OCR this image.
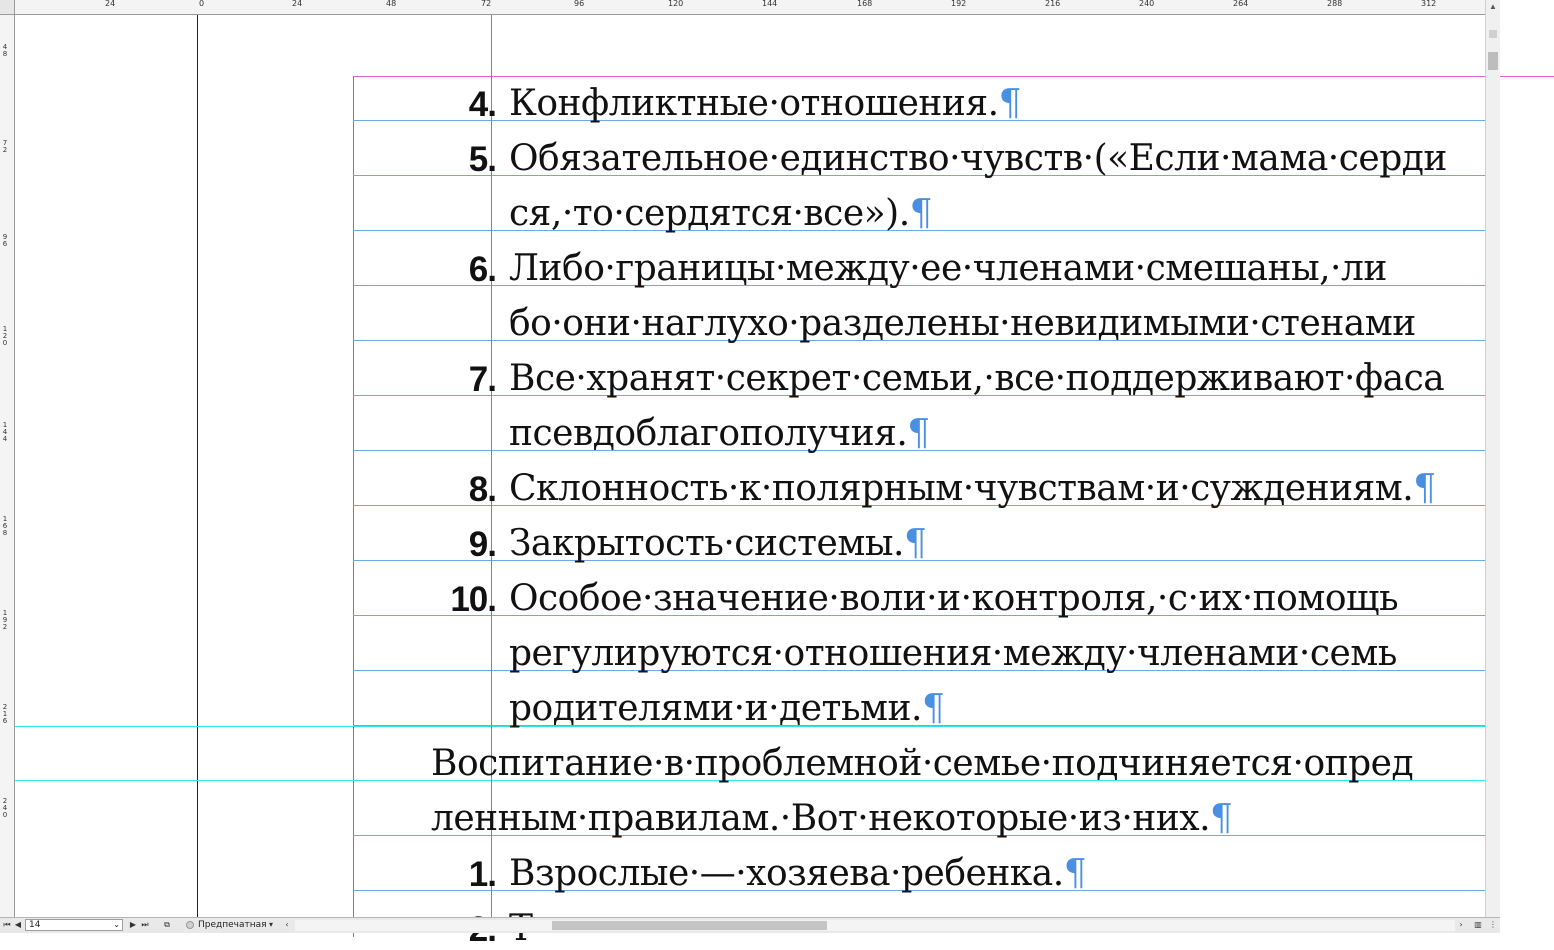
24	0	24	48	72	96	120	144	168	192	216	240	264	288	312
4
8
7
2
9
6
1
2
0
1
4
4
1
6
8
1
9
2
2
1
6
2
4
0
4. Конфликтные·отношения.¶
5. Обязательное·единство·чувств·(«Если·мама·серди
ся,·то·сердятся·все»).¶
6. Либо·границы·между·ее·членами·смешаны,·ли
бо·они·наглухо·разделены·невидимыми·стенами
7. Все·хранят·секрет·семьи,·все·поддерживают·фаса
псевдоблагополучия.¶
8. Склонность·к·полярным·чувствам·и·суждениям.¶
9. Закрытость·системы.¶
10. Особое·значение·воли·и·контроля,·с·их·помощь
регулируются·отношения·между·членами·семь
родителями·и·детьми.¶
Воспитание·в·проблемной·семье·подчиняется·опред
ленным·правилам.·Вот·некоторые·из·них.¶
1. Взрослые·—·хозяева·ребенка.¶
▲
⏮ ◀ 14	⌄ ▶ ⏭	⧉	Предпечатная ▾	‹	›	▥ ⋮
